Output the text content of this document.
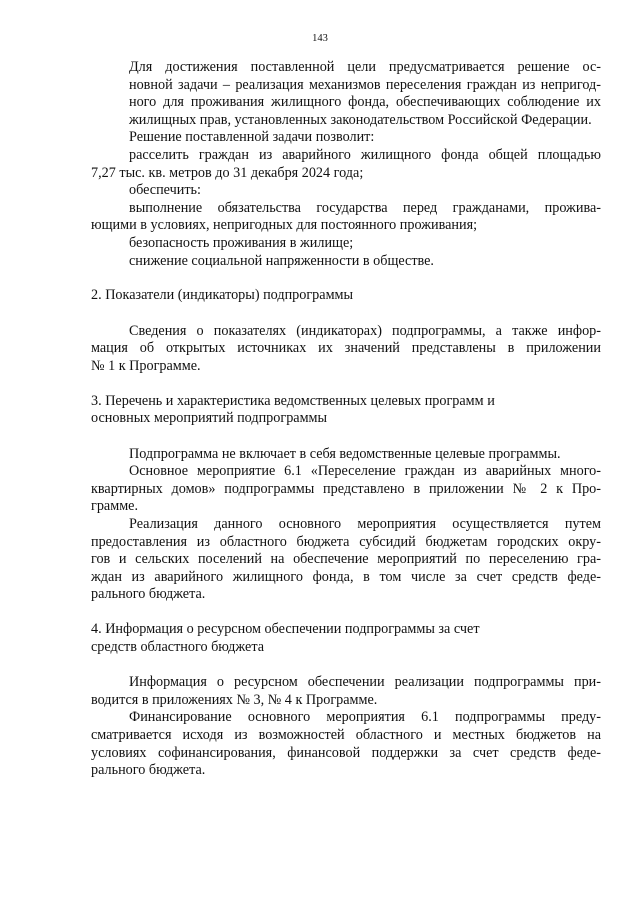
143

Для достижения поставленной цели предусматривается решение ос-
новной задачи – реализация механизмов переселения граждан из непригод-
ного для проживания жилищного фонда, обеспечивающих соблюдение их
жилищных прав, установленных законодательством Российской Федерации.

Решение поставленной задачи позволит:

расселить граждан из аварийного жилищного фонда общей площадью
7,27 тыс. кв. метров до 31 декабря 2024 года;

обеспечить:

выполнение обязательства государства перед гражданами, прожива-
ющими в условиях, непригодных для постоянного проживания;

безопасность проживания в жилище;

снижение социальной напряженности в обществе.

2. Показатели (индикаторы) подпрограммы

Сведения о показателях (индикаторах) подпрограммы, а также инфор-
мация об открытых источниках их значений представлены в приложении
№ 1 к Программе.

3. Перечень и характеристика ведомственных целевых программ и
основных мероприятий подпрограммы

Подпрограмма не включает в себя ведомственные целевые программы.

Основное мероприятие 6.1 «Переселение граждан из аварийных много-
квартирных домов» подпрограммы представлено в приложении № 2 к Про-
грамме.

Реализация данного основного мероприятия осуществляется путем
предоставления из областного бюджета субсидий бюджетам городских окру-
гов и сельских поселений на обеспечение мероприятий по переселению гра-
ждан из аварийного жилищного фонда, в том числе за счет средств феде-
рального бюджета.

4. Информация о ресурсном обеспечении подпрограммы за счет
средств областного бюджета

Информация о ресурсном обеспечении реализации подпрограммы при-
водится в приложениях № 3, № 4 к Программе.

Финансирование основного мероприятия 6.1 подпрограммы преду-
сматривается исходя из возможностей областного и местных бюджетов на
условиях софинансирования, финансовой поддержки за счет средств феде-
рального бюджета.
